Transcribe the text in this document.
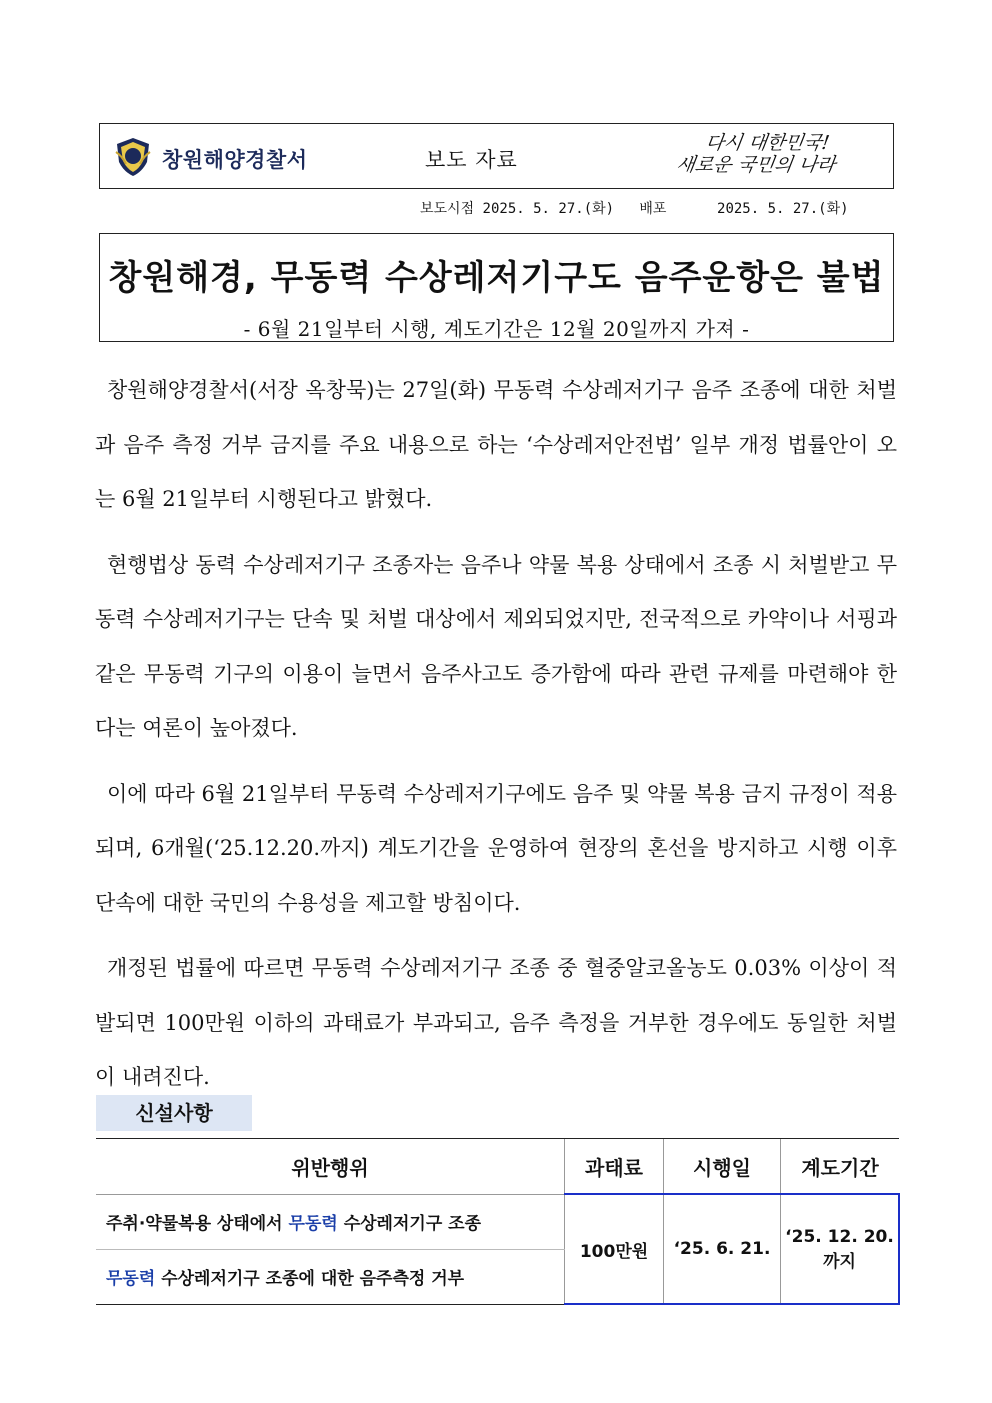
창원해양경찰서	보도 자료
다시 대한민국!
새로운 국민의 나라
보도시점 2025. 5. 27.(화) 배포	2025. 5. 27.(화)
창원해경, 무동력 수상레저기구도 음주운항은 불법
- 6월 21일부터 시행, 계도기간은 12월 20일까지 가져 -

창원해양경찰서(서장 옥창묵)는 27일(화) 무동력 수상레저기구 음주 조종에 대한 처벌과 음주 측정 거부 금지를 주요 내용으로 하는 ‘수상레저안전법’ 일부 개정 법률안이 오는 6월 21일부터 시행된다고 밝혔다.

현행법상 동력 수상레저기구 조종자는 음주나 약물 복용 상태에서 조종 시 처벌받고 무동력 수상레저기구는 단속 및 처벌 대상에서 제외되었지만, 전국적으로 카약이나 서핑과 같은 무동력 기구의 이용이 늘면서 음주사고도 증가함에 따라 관련 규제를 마련해야 한다는 여론이 높아졌다.

이에 따라 6월 21일부터 무동력 수상레저기구에도 음주 및 약물 복용 금지 규정이 적용되며, 6개월(‘25.12.20.까지) 계도기간을 운영하여 현장의 혼선을 방지하고 시행 이후 단속에 대한 국민의 수용성을 제고할 방침이다.

개정된 법률에 따르면 무동력 수상레저기구 조종 중 혈중알코올농도 0.03% 이상이 적발되면 100만원 이하의 과태료가 부과되고, 음주 측정을 거부한 경우에도 동일한 처벌이 내려진다.

신설사항
위반행위	과태료	시행일	계도기간
주취·약물복용 상태에서 무동력 수상레저기구 조종	100만원	‘25. 6. 21.	‘25. 12. 20.까지
무동력 수상레저기구 조종에 대한 음주측정 거부			
